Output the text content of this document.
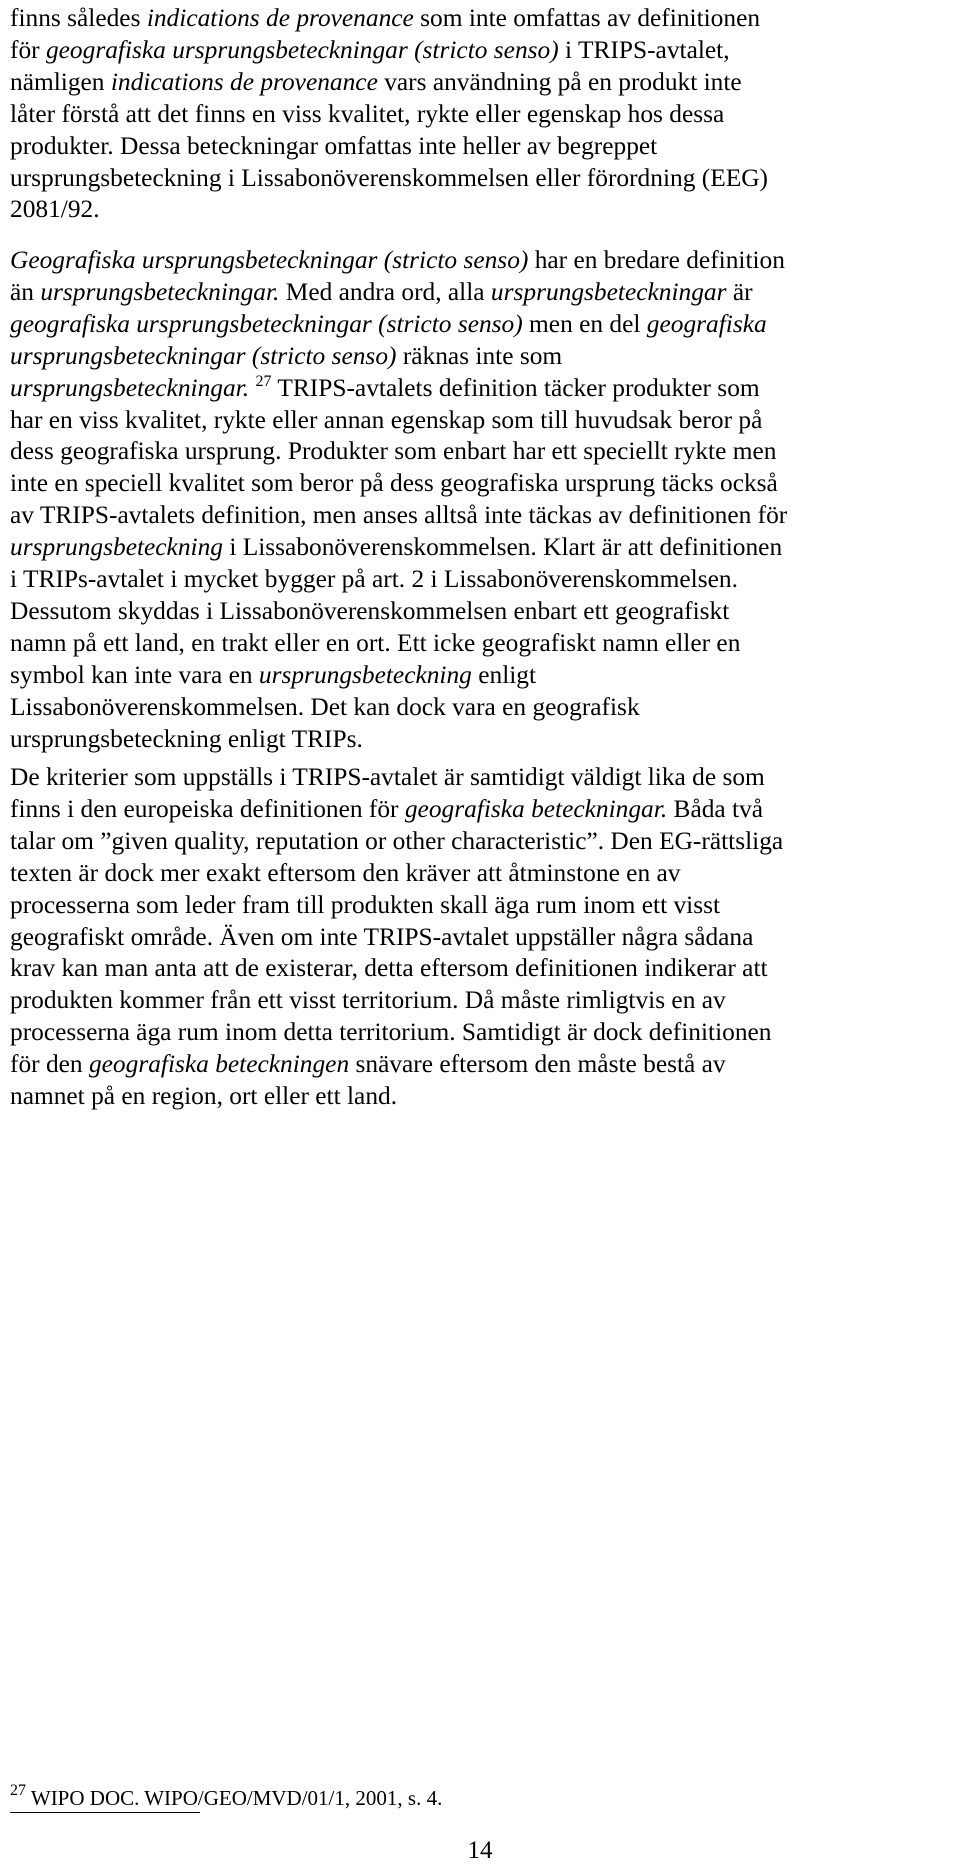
finns således indications de provenance som inte omfattas av definitionen
för geografiska ursprungsbeteckningar (stricto senso) i TRIPS-avtalet,
nämligen indications de provenance vars användning på en produkt inte
låter förstå att det finns en viss kvalitet, rykte eller egenskap hos dessa
produkter. Dessa beteckningar omfattas inte heller av begreppet
ursprungsbeteckning i Lissabonöverenskommelsen eller förordning (EEG)
2081/92.
Geografiska ursprungsbeteckningar (stricto senso) har en bredare definition
än ursprungsbeteckningar. Med andra ord, alla ursprungsbeteckningar är
geografiska ursprungsbeteckningar (stricto senso) men en del geografiska
ursprungsbeteckningar (stricto senso) räknas inte som
ursprungsbeteckningar. $^{27}$ TRIPS-avtalets definition täcker produkter som
har en viss kvalitet, rykte eller annan egenskap som till huvudsak beror på
dess geografiska ursprung. Produkter som enbart har ett speciellt rykte men
inte en speciell kvalitet som beror på dess geografiska ursprung täcks också
av TRIPS-avtalets definition, men anses alltså inte täckas av definitionen för
ursprungsbeteckning i Lissabonöverenskommelsen. Klart är att definitionen
i TRIPs-avtalet i mycket bygger på art. 2 i Lissabonöverenskommelsen.
Dessutom skyddas i Lissabonöverenskommelsen enbart ett geografiskt
namn på ett land, en trakt eller en ort. Ett icke geografiskt namn eller en
symbol kan inte vara en ursprungsbeteckning enligt
Lissabonöverenskommelsen. Det kan dock vara en geografisk
ursprungsbeteckning enligt TRIPs.
De kriterier som uppställs i TRIPS-avtalet är samtidigt väldigt lika de som
finns i den europeiska definitionen för geografiska beteckningar. Båda två
talar om ”given quality, reputation or other characteristic”. Den EG-rättsliga
texten är dock mer exakt eftersom den kräver att åtminstone en av
processerna som leder fram till produkten skall äga rum inom ett visst
geografiskt område. Även om inte TRIPS-avtalet uppställer några sådana
krav kan man anta att de existerar, detta eftersom definitionen indikerar att
produkten kommer från ett visst territorium. Då måste rimligtvis en av
processerna äga rum inom detta territorium. Samtidigt är dock definitionen
för den geografiska beteckningen snävare eftersom den måste bestå av
namnet på en region, ort eller ett land.
$^{27}$ WIPO DOC. WIPO/GEO/MVD/01/1, 2001, s. 4.
14
